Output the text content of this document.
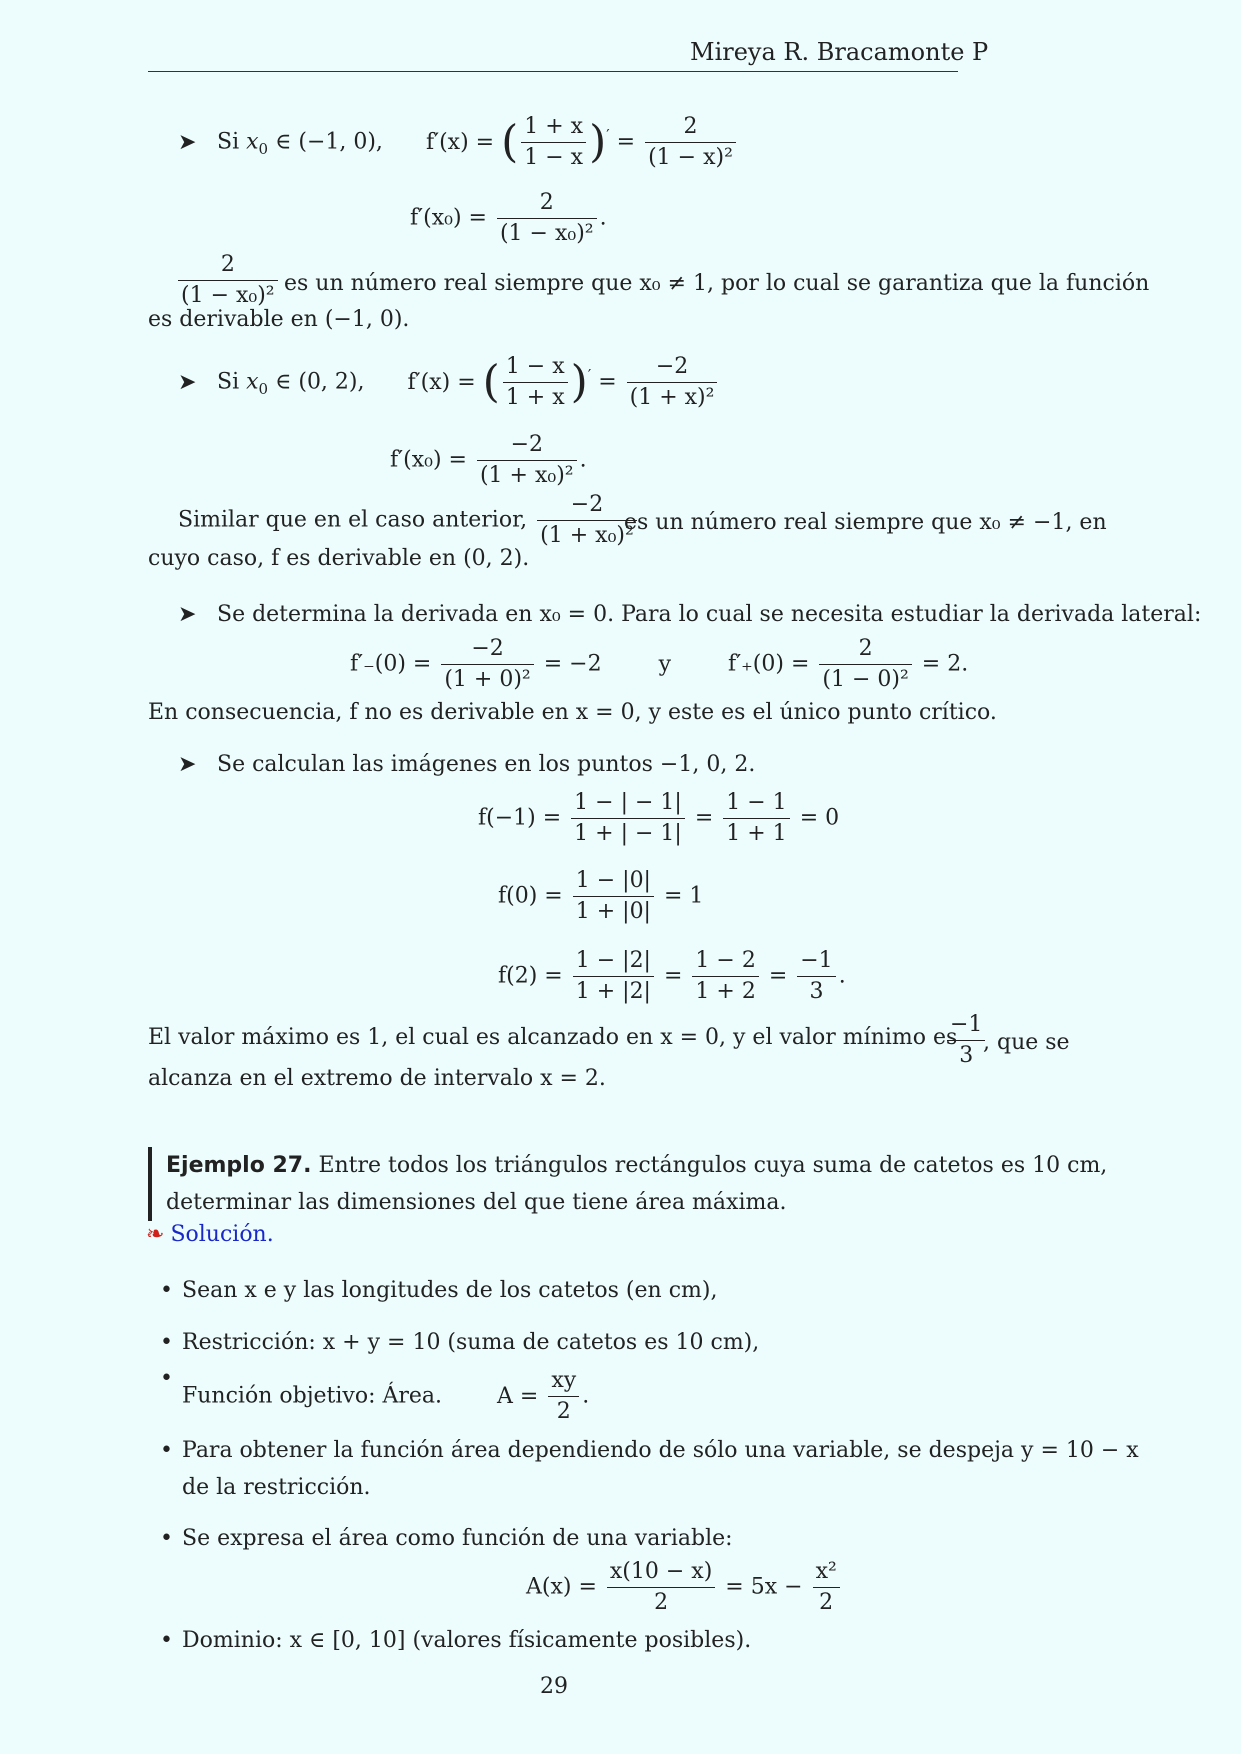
Mireya R. Bracamonte P
➤ Si $x_0$ ∈ (−1, 0), f′(x) = ( $\frac{1 + x}{1 - x} )' = \frac{2}{\text{(1 − x)²}}$
$f'(x_0) = \frac{2}{\text{(1 − x₀)²}}$ .
$\frac{2}{\text{(1 − x₀)²}}$ es un número real siempre que x₀ ≠ 1, por lo cual se garantiza que la función es derivable en (−1, 0).
➤ Si $x_0$ ∈ (0, 2), f′(x) = ( $\frac{1 - x}{1 + x} )' = \frac{-2}{\text{(1 + x)²}}$
$f'(x_0) = \frac{-2}{\text{(1 + x₀)²}}$ .
Similar que en el caso anterior, $\frac{-2}{\text{(1 + x₀)²}}$
es un número real siempre que x₀ ≠ −1, en cuyo caso, f es derivable en (0, 2).
➤ Se determina la derivada en x₀ = 0. Para lo cual se necesita estudiar la derivada lateral:
$f'_-(0) = \frac{-2}{\text{(1 + 0)²}} = -2$	y	$f'_+(0) = \frac{2}{\text{(1 − 0)²}} = 2$.
En consecuencia, f no es derivable en x = 0, y este es el único punto crítico.
➤ Se calculan las imágenes en los puntos −1, 0, 2.
$f(-1) = \frac{1 - | - 1|}{1 + | - 1|} = \frac{1 - 1}{1 + 1} = 0$
$f(0) = \frac{1 - |0|}{1 + |0|} = 1$
$f(2) = \frac{1 - |2|}{1 + |2|} = \frac{1 - 2}{1 + 2} = \frac{-1}{3}$ .
$\frac{-1}{3}$
El valor máximo es 1, el cual es alcanzado en x = 0, y el valor mínimo es	, que se alcanza en el extremo de intervalo x = 2.
Ejemplo 27. Entre todos los triángulos rectángulos cuya suma de catetos es 10 cm, determinar las dimensiones del que tiene área máxima.
❧ Solución.
• Sean x e y las longitudes de los catetos (en cm),
• Restricción: x + y = 10 (suma de catetos es 10 cm),
• Función objetivo: Área.	$A = \frac{xy}{2}$ .
• Para obtener la función área dependiendo de sólo una variable, se despeja y = 10 − x de la restricción.
• Se expresa el área como función de una variable:
$A(x) = \frac{x(10 - x)}{2} = 5x - \frac{\text{x²}}{2}$
• Dominio: x ∈ [0, 10] (valores físicamente posibles).
29
